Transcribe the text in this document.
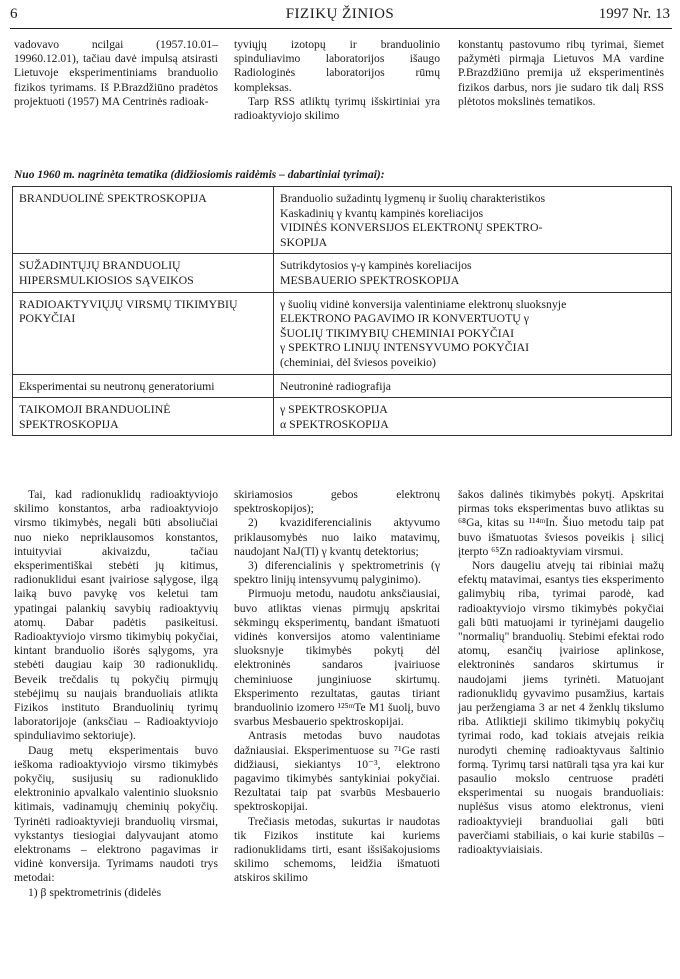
6	FIZIKŲ ŽINIOS	1997 Nr. 13

vadovavo ncilgai (1957.10.01–19960.12.01), tačiau davė impulsą atsirasti Lietuvoje eksperimentiniams branduolio fizikos tyrimams. Iš P.Brazdžiūno pradėtos projektuoti (1957) MA Centrinės radioak-

tyviųjų izotopų ir branduolinio spinduliavimo laboratorijos išaugo Radiologinės laboratorijos rūmų kompleksas.

Tarp RSS atliktų tyrimų išskirtiniai yra radioaktyviojo skilimo

konstantų pastovumo ribų tyrimai, šiemet pažymėti pirmąja Lietuvos MA vardine P.Brazdžiūno premija už eksperimentinės fizikos darbus, nors jie sudaro tik dalį RSS plėtotos mokslinės tematikos.

Nuo 1960 m. nagrinėta tematika (didžiosiomis raidėmis – dabartiniai tyrimai):
BRANDUOLINĖ SPEKTROSKOPIJA	Branduolio sužadintų lygmenų ir šuolių charakteristikos
Kaskadinių γ kvantų kampinės koreliacijos
VIDINĖS KONVERSIJOS ELEKTRONŲ SPEKTRO-
SKOPIJA

SUŽADINTŲJŲ BRANDUOLIŲ HIPERSMULKIOSIOS SĄVEIKOS	Sutrikdytosios γ-γ kampinės koreliacijos
MESBAUERIO SPEKTROSKOPIJA

RADIOAKTYVIŲJŲ VIRSMŲ TIKIMYBIŲ POKYČIAI	γ šuolių vidinė konversija valentiniame elektronų sluoksnyje
ELEKTRONO PAGAVIMO IR KONVERTUOTŲ γ
ŠUOLIŲ TIKIMYBIŲ CHEMINIAI POKYČIAI
γ SPEKTRO LINIJŲ INTENSYVUMO POKYČIAI
(cheminiai, dėl šviesos poveikio)

Eksperimentai su neutronų generatoriumi	Neutroninė radiografija

TAIKOMOJI BRANDUOLINĖ SPEKTROSKOPIJA	γ SPEKTROSKOPIJA
α SPEKTROSKOPIJA

Tai, kad radionuklidų radioaktyviojo skilimo konstantos, arba radioaktyviojo virsmo tikimybės, negali būti absoliučiai nuo nieko nepriklausomos konstantos, intuityviai akivaizdu, tačiau eksperimentiškai stebėti jų kitimus, radionuklidui esant įvairiose sąlygose, ilgą laiką buvo pavykę vos keletui tam ypatingai palankių savybių radioaktyvių atomų. Dabar padėtis pasikeitusi. Radioaktyviojo virsmo tikimybių pokyčiai, kintant branduolio išorės sąlygoms, yra stebėti daugiau kaip 30 radionuklidų. Beveik trečdalis tų pokyčių pirmųjų stebėjimų su naujais branduoliais atlikta Fizikos instituto Branduolinių tyrimų laboratorijoje (anksčiau – Radioaktyviojo spinduliavimo sektoriuje).

Daug metų eksperimentais buvo ieškoma radioaktyviojo virsmo tikimybės pokyčių, susijusių su radionuklido elektroninio apvalkalo valentinio sluoksnio kitimais, vadinamųjų cheminių pokyčių. Tyrinėti radioaktyvieji branduolių virsmai, vykstantys tiesiogiai dalyvaujant atomo elektronams – elektrono pagavimas ir vidinė konversija. Tyrimams naudoti trys metodai:

1) β spektrometrinis (didelės

skiriamosios gebos elektronų spektroskopijos);

2) kvazidiferencialinis aktyvumo priklausomybės nuo laiko matavimų, naudojant NaJ(Tl) γ kvantų detektorius;

3) diferencialinis γ spektrometrinis (γ spektro linijų intensyvumų palyginimo).

Pirmuoju metodu, naudotu anksčiausiai, buvo atliktas vienas pirmųjų apskritai sėkmingų eksperimentų, bandant išmatuoti vidinės konversijos atomo valentiniame sluoksnyje tikimybės pokytį dėl elektroninės sandaros įvairiuose cheminiuose junginiuose skirtumų. Eksperimento rezultatas, gautas tiriant branduolinio izomero ¹²⁵ᵐTe M1 šuolį, buvo svarbus Mesbauerio spektroskopijai.

Antrasis metodas buvo naudotas dažniausiai. Eksperimentuose su ⁷¹Ge rasti didžiausi, siekiantys 10⁻³, elektrono pagavimo tikimybės santykiniai pokyčiai. Rezultatai taip pat svarbūs Mesbauerio spektroskopijai.

Trečiasis metodas, sukurtas ir naudotas tik Fizikos institute kai kuriems radionuklidams tirti, esant išsišakojusioms skilimo schemoms, leidžia išmatuoti atskiros skilimo

šakos dalinės tikimybės pokytį. Apskritai pirmas toks eksperimentas buvo atliktas su ⁶⁸Ga, kitas su ¹¹⁴ᵐIn. Šiuo metodu taip pat buvo išmatuotas šviesos poveikis į silicį įterpto ⁶⁵Zn radioaktyviam virsmui.

Nors daugeliu atvejų tai ribiniai mažų efektų matavimai, esantys ties eksperimento galimybių riba, tyrimai parodė, kad radioaktyviojo virsmo tikimybės pokyčiai gali būti matuojami ir tyrinėjami daugelio "normalių" branduolių. Stebimi efektai rodo atomų, esančių įvairiose aplinkose, elektroninės sandaros skirtumus ir naudojami jiems tyrinėti. Matuojant radionuklidų gyvavimo pusamžius, kartais jau peržengiama 3 ar net 4 ženklų tikslumo riba. Atliktieji skilimo tikimybių pokyčių tyrimai rodo, kad tokiais atvejais reikia nurodyti cheminę radioaktyvaus šaltinio formą. Tyrimų tarsi natūrali tąsa yra kai kur pasaulio mokslo centruose pradėti eksperimentai su nuogais branduoliais: nuplėšus visus atomo elektronus, vieni radioaktyvieji branduoliai gali būti paverčiami stabiliais, o kai kurie stabilūs – radioaktyviaisiais.
